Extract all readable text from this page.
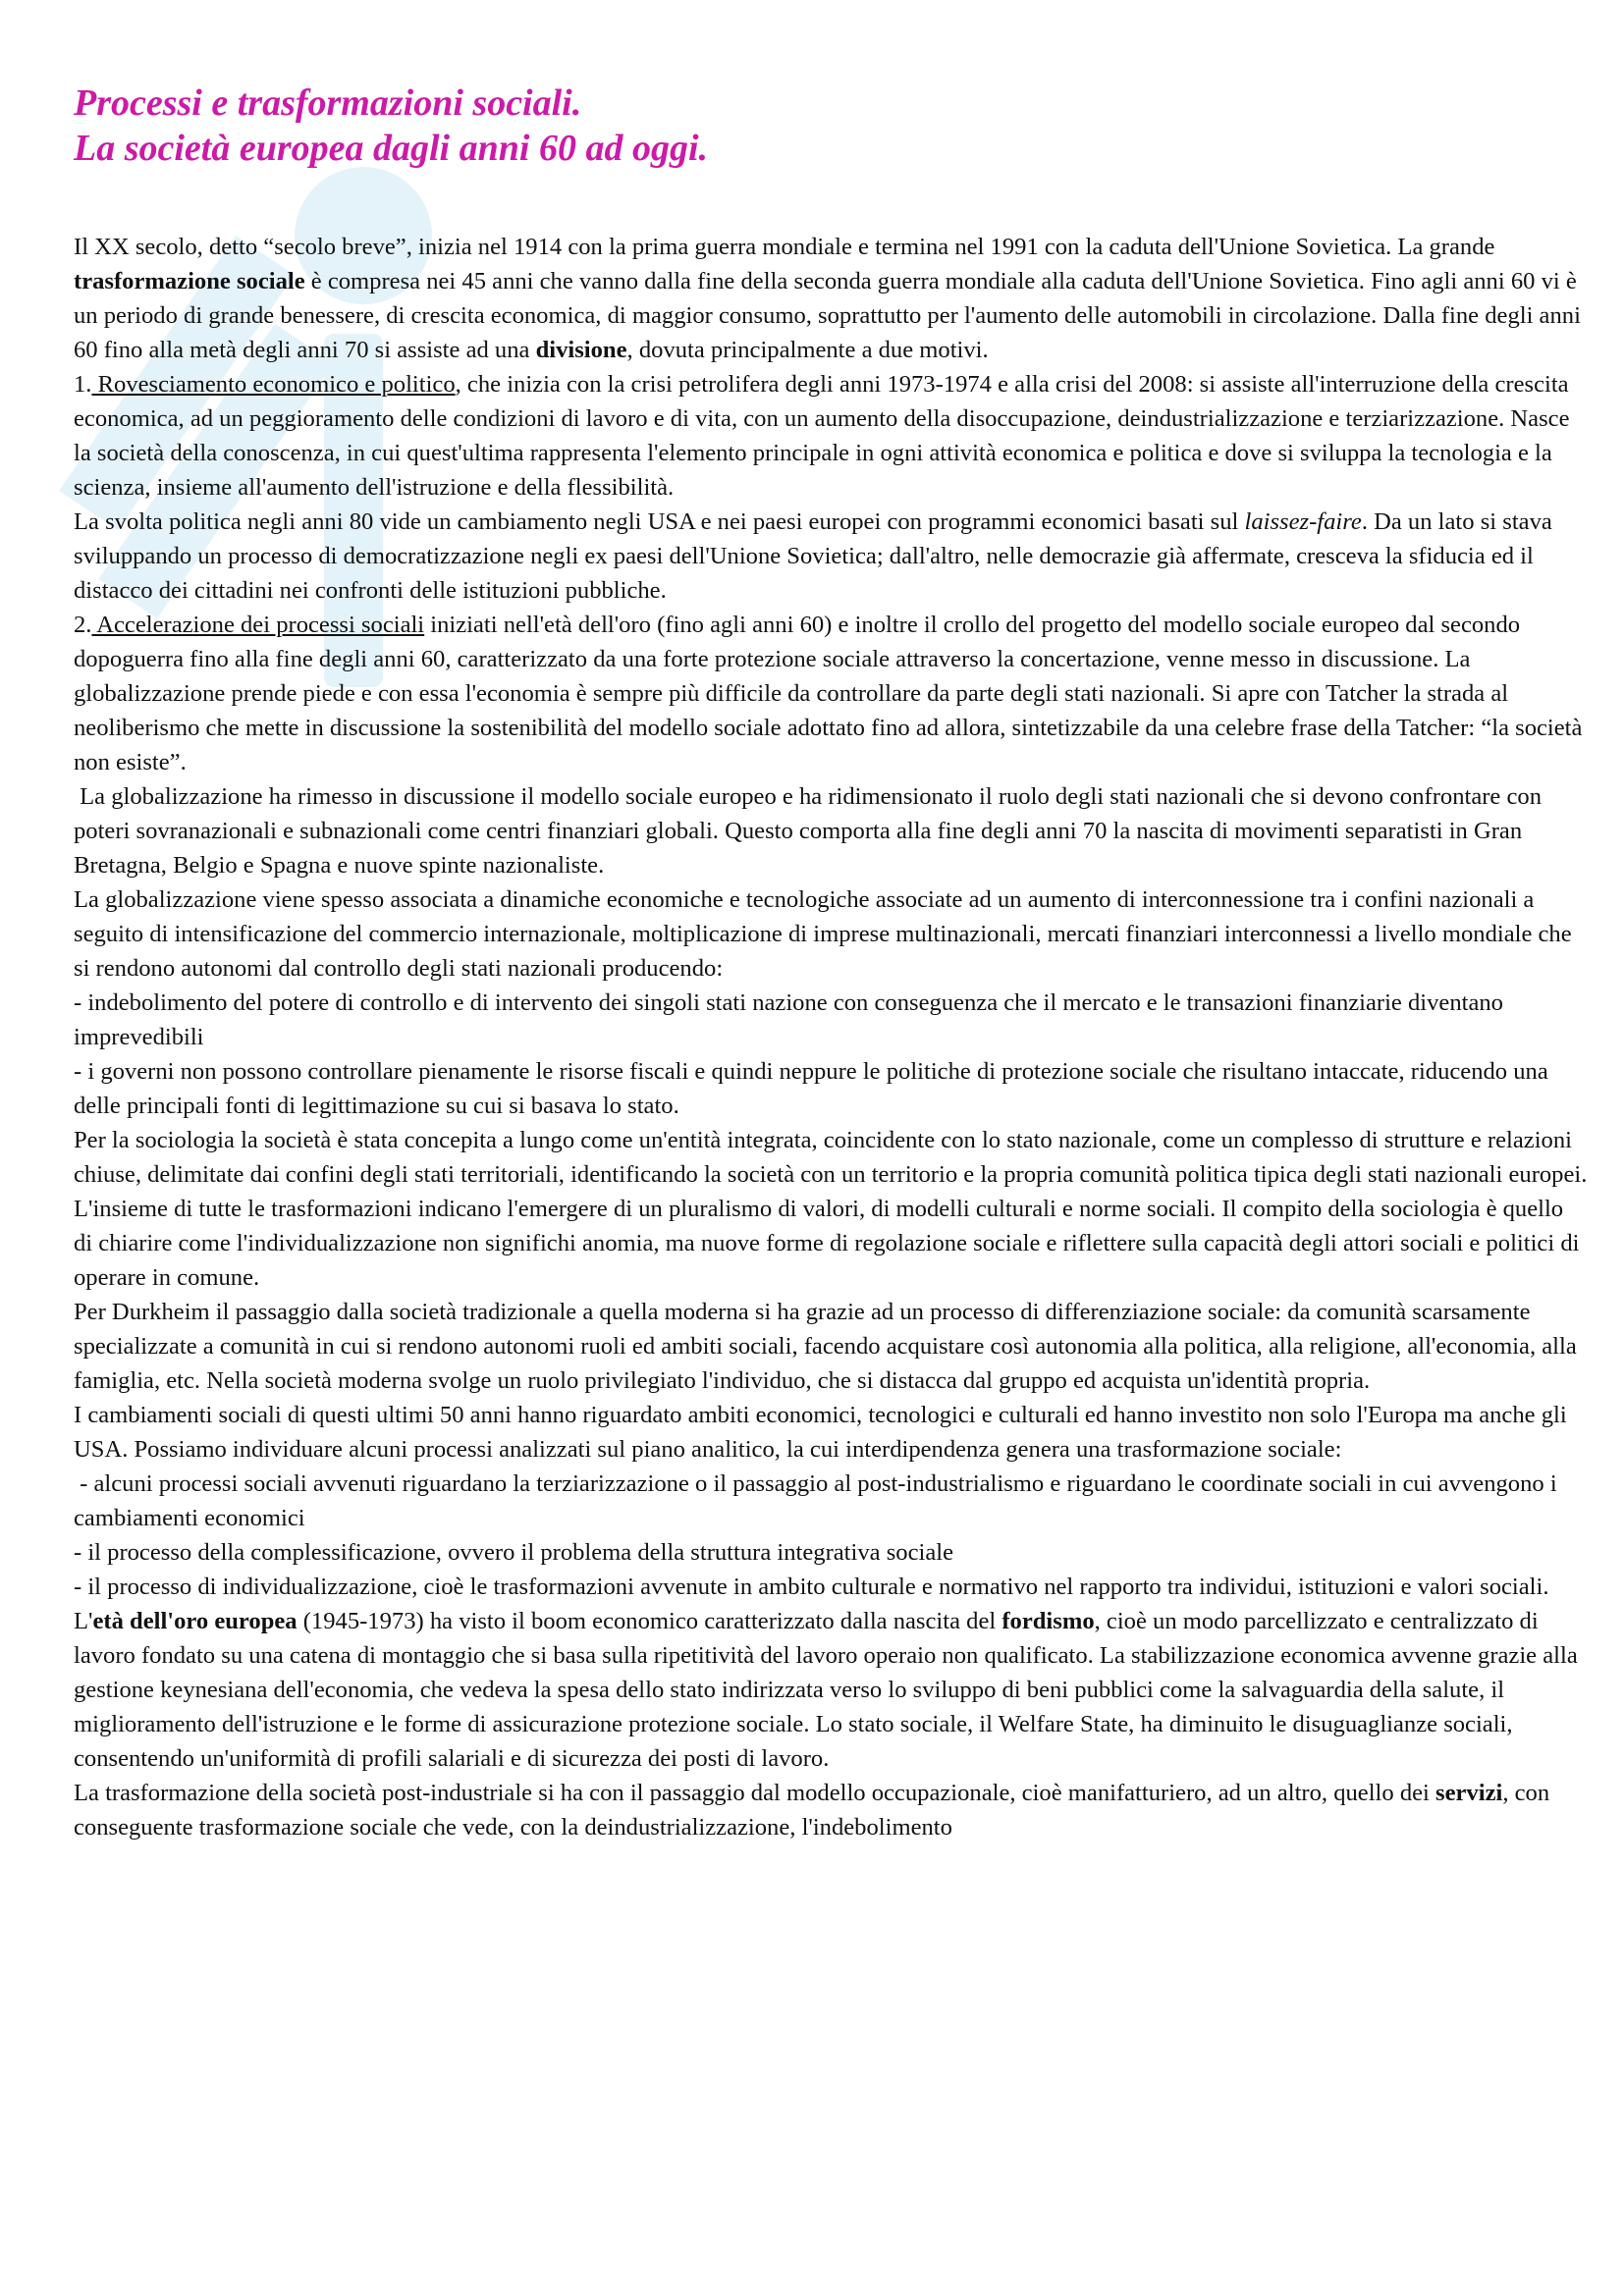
Processi e trasformazioni sociali.
La società europea dagli anni 60 ad oggi.

Il XX secolo, detto “secolo breve”, inizia nel 1914 con la prima guerra mondiale e termina nel 1991 con la caduta dell'Unione Sovietica. La grande trasformazione sociale è compresa nei 45 anni che vanno dalla fine della seconda guerra mondiale alla caduta dell'Unione Sovietica. Fino agli anni 60 vi è un periodo di grande benessere, di crescita economica, di maggior consumo, soprattutto per l'aumento delle automobili in circolazione. Dalla fine degli anni 60 fino alla metà degli anni 70 si assiste ad una divisione, dovuta principalmente a due motivi.

1. Rovesciamento economico e politico, che inizia con la crisi petrolifera degli anni 1973-1974 e alla crisi del 2008: si assiste all'interruzione della crescita economica, ad un peggioramento delle condizioni di lavoro e di vita, con un aumento della disoccupazione, deindustrializzazione e terziarizzazione. Nasce la società della conoscenza, in cui quest'ultima rappresenta l'elemento principale in ogni attività economica e politica e dove si sviluppa la tecnologia e la scienza, insieme all'aumento dell'istruzione e della flessibilità.

La svolta politica negli anni 80 vide un cambiamento negli USA e nei paesi europei con programmi economici basati sul laissez-faire. Da un lato si stava sviluppando un processo di democratizzazione negli ex paesi dell'Unione Sovietica; dall'altro, nelle democrazie già affermate, cresceva la sfiducia ed il distacco dei cittadini nei confronti delle istituzioni pubbliche.

2. Accelerazione dei processi sociali iniziati nell'età dell'oro (fino agli anni 60) e inoltre il crollo del progetto del modello sociale europeo dal secondo dopoguerra fino alla fine degli anni 60, caratterizzato da una forte protezione sociale attraverso la concertazione, venne messo in discussione. La globalizzazione prende piede e con essa l'economia è sempre più difficile da controllare da parte degli stati nazionali. Si apre con Tatcher la strada al neoliberismo che mette in discussione la sostenibilità del modello sociale adottato fino ad allora, sintetizzabile da una celebre frase della Tatcher: “la società non esiste”.

La globalizzazione ha rimesso in discussione il modello sociale europeo e ha ridimensionato il ruolo degli stati nazionali che si devono confrontare con poteri sovranazionali e subnazionali come centri finanziari globali. Questo comporta alla fine degli anni 70 la nascita di movimenti separatisti in Gran Bretagna, Belgio e Spagna e nuove spinte nazionaliste.

La globalizzazione viene spesso associata a dinamiche economiche e tecnologiche associate ad un aumento di interconnessione tra i confini nazionali a seguito di intensificazione del commercio internazionale, moltiplicazione di imprese multinazionali, mercati finanziari interconnessi a livello mondiale che si rendono autonomi dal controllo degli stati nazionali producendo:

- indebolimento del potere di controllo e di intervento dei singoli stati nazione con conseguenza che il mercato e le transazioni finanziarie diventano imprevedibili

- i governi non possono controllare pienamente le risorse fiscali e quindi neppure le politiche di protezione sociale che risultano intaccate, riducendo una delle principali fonti di legittimazione su cui si basava lo stato.

Per la sociologia la società è stata concepita a lungo come un'entità integrata, coincidente con lo stato nazionale, come un complesso di strutture e relazioni chiuse, delimitate dai confini degli stati territoriali, identificando la società con un territorio e la propria comunità politica tipica degli stati nazionali europei. L'insieme di tutte le trasformazioni indicano l'emergere di un pluralismo di valori, di modelli culturali e norme sociali. Il compito della sociologia è quello di chiarire come l'individualizzazione non significhi anomia, ma nuove forme di regolazione sociale e riflettere sulla capacità degli attori sociali e politici di operare in comune.

Per Durkheim il passaggio dalla società tradizionale a quella moderna si ha grazie ad un processo di differenziazione sociale: da comunità scarsamente specializzate a comunità in cui si rendono autonomi ruoli ed ambiti sociali, facendo acquistare così autonomia alla politica, alla religione, all'economia, alla famiglia, etc. Nella società moderna svolge un ruolo privilegiato l'individuo, che si distacca dal gruppo ed acquista un'identità propria.

I cambiamenti sociali di questi ultimi 50 anni hanno riguardato ambiti economici, tecnologici e culturali ed hanno investito non solo l'Europa ma anche gli USA. Possiamo individuare alcuni processi analizzati sul piano analitico, la cui interdipendenza genera una trasformazione sociale:

- alcuni processi sociali avvenuti riguardano la terziarizzazione o il passaggio al post-industrialismo e riguardano le coordinate sociali in cui avvengono i cambiamenti economici

- il processo della complessificazione, ovvero il problema della struttura integrativa sociale

- il processo di individualizzazione, cioè le trasformazioni avvenute in ambito culturale e normativo nel rapporto tra individui, istituzioni e valori sociali.

L'età dell'oro europea (1945-1973) ha visto il boom economico caratterizzato dalla nascita del fordismo, cioè un modo parcellizzato e centralizzato di lavoro fondato su una catena di montaggio che si basa sulla ripetitività del lavoro operaio non qualificato. La stabilizzazione economica avvenne grazie alla gestione keynesiana dell'economia, che vedeva la spesa dello stato indirizzata verso lo sviluppo di beni pubblici come la salvaguardia della salute, il miglioramento dell'istruzione e le forme di assicurazione protezione sociale. Lo stato sociale, il Welfare State, ha diminuito le disuguaglianze sociali, consentendo un'uniformità di profili salariali e di sicurezza dei posti di lavoro.

La trasformazione della società post-industriale si ha con il passaggio dal modello occupazionale, cioè manifatturiero, ad un altro, quello dei servizi, con conseguente trasformazione sociale che vede, con la deindustrializzazione, l'indebolimento
